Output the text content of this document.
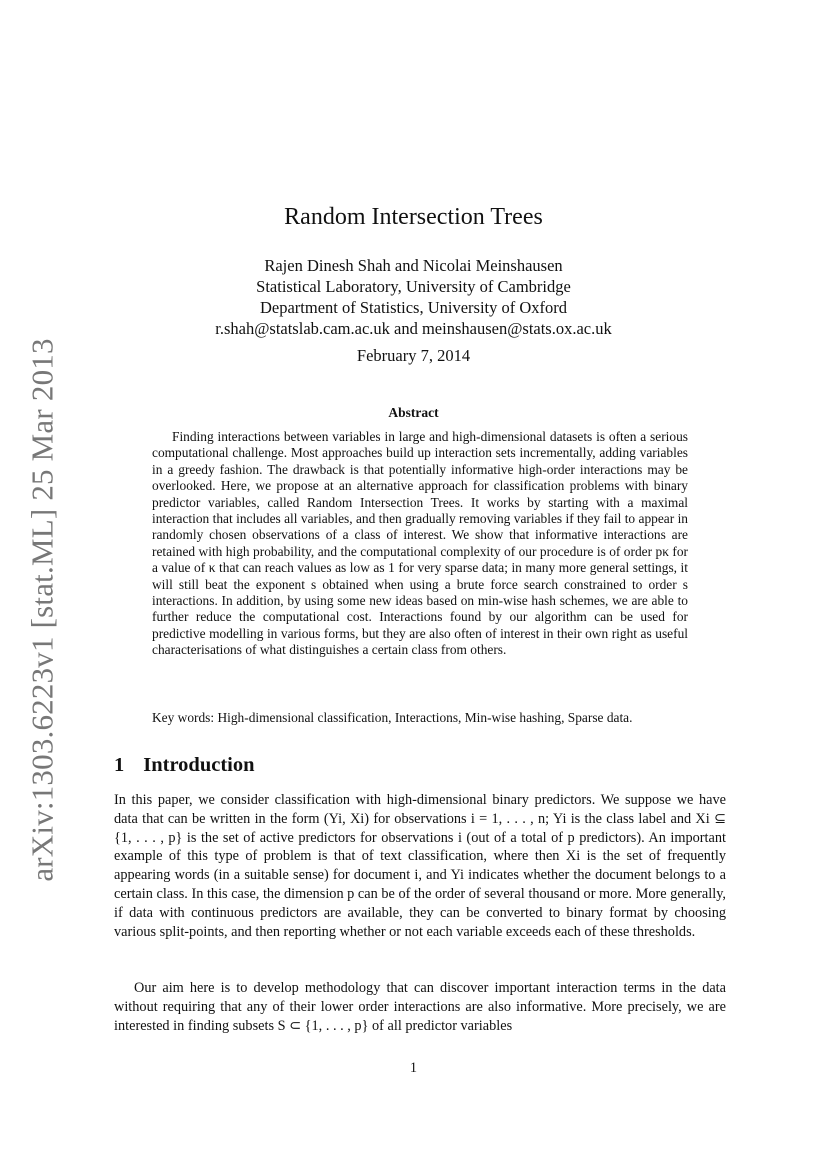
arXiv:1303.6223v1 [stat.ML] 25 Mar 2013
Random Intersection Trees
Rajen Dinesh Shah and Nicolai Meinshausen
Statistical Laboratory, University of Cambridge
Department of Statistics, University of Oxford
r.shah@statslab.cam.ac.uk and meinshausen@stats.ox.ac.uk
February 7, 2014
Abstract

Finding interactions between variables in large and high-dimensional datasets is often a serious computational challenge. Most approaches build up interaction sets incrementally, adding variables in a greedy fashion. The drawback is that potentially informative high-order interactions may be overlooked. Here, we propose at an alternative approach for classification problems with binary predictor variables, called Random Intersection Trees. It works by starting with a maximal interaction that includes all variables, and then gradually removing variables if they fail to appear in randomly chosen observations of a class of interest. We show that informative interactions are retained with high probability, and the computational complexity of our procedure is of order pκ for a value of κ that can reach values as low as 1 for very sparse data; in many more general settings, it will still beat the exponent s obtained when using a brute force search constrained to order s interactions. In addition, by using some new ideas based on min-wise hash schemes, we are able to further reduce the computational cost. Interactions found by our algorithm can be used for predictive modelling in various forms, but they are also often of interest in their own right as useful characterisations of what distinguishes a certain class from others.

Key words: High-dimensional classification, Interactions, Min-wise hashing, Sparse data.
1 Introduction

In this paper, we consider classification with high-dimensional binary predictors. We suppose we have data that can be written in the form (Yi, Xi) for observations i = 1, . . . , n; Yi is the class label and Xi ⊆ {1, . . . , p} is the set of active predictors for observations i (out of a total of p predictors). An important example of this type of problem is that of text classification, where then Xi is the set of frequently appearing words (in a suitable sense) for document i, and Yi indicates whether the document belongs to a certain class. In this case, the dimension p can be of the order of several thousand or more. More generally, if data with continuous predictors are available, they can be converted to binary format by choosing various split-points, and then reporting whether or not each variable exceeds each of these thresholds.

Our aim here is to develop methodology that can discover important interaction terms in the data without requiring that any of their lower order interactions are also informative. More precisely, we are interested in finding subsets S ⊂ {1, . . . , p} of all predictor variables

1
